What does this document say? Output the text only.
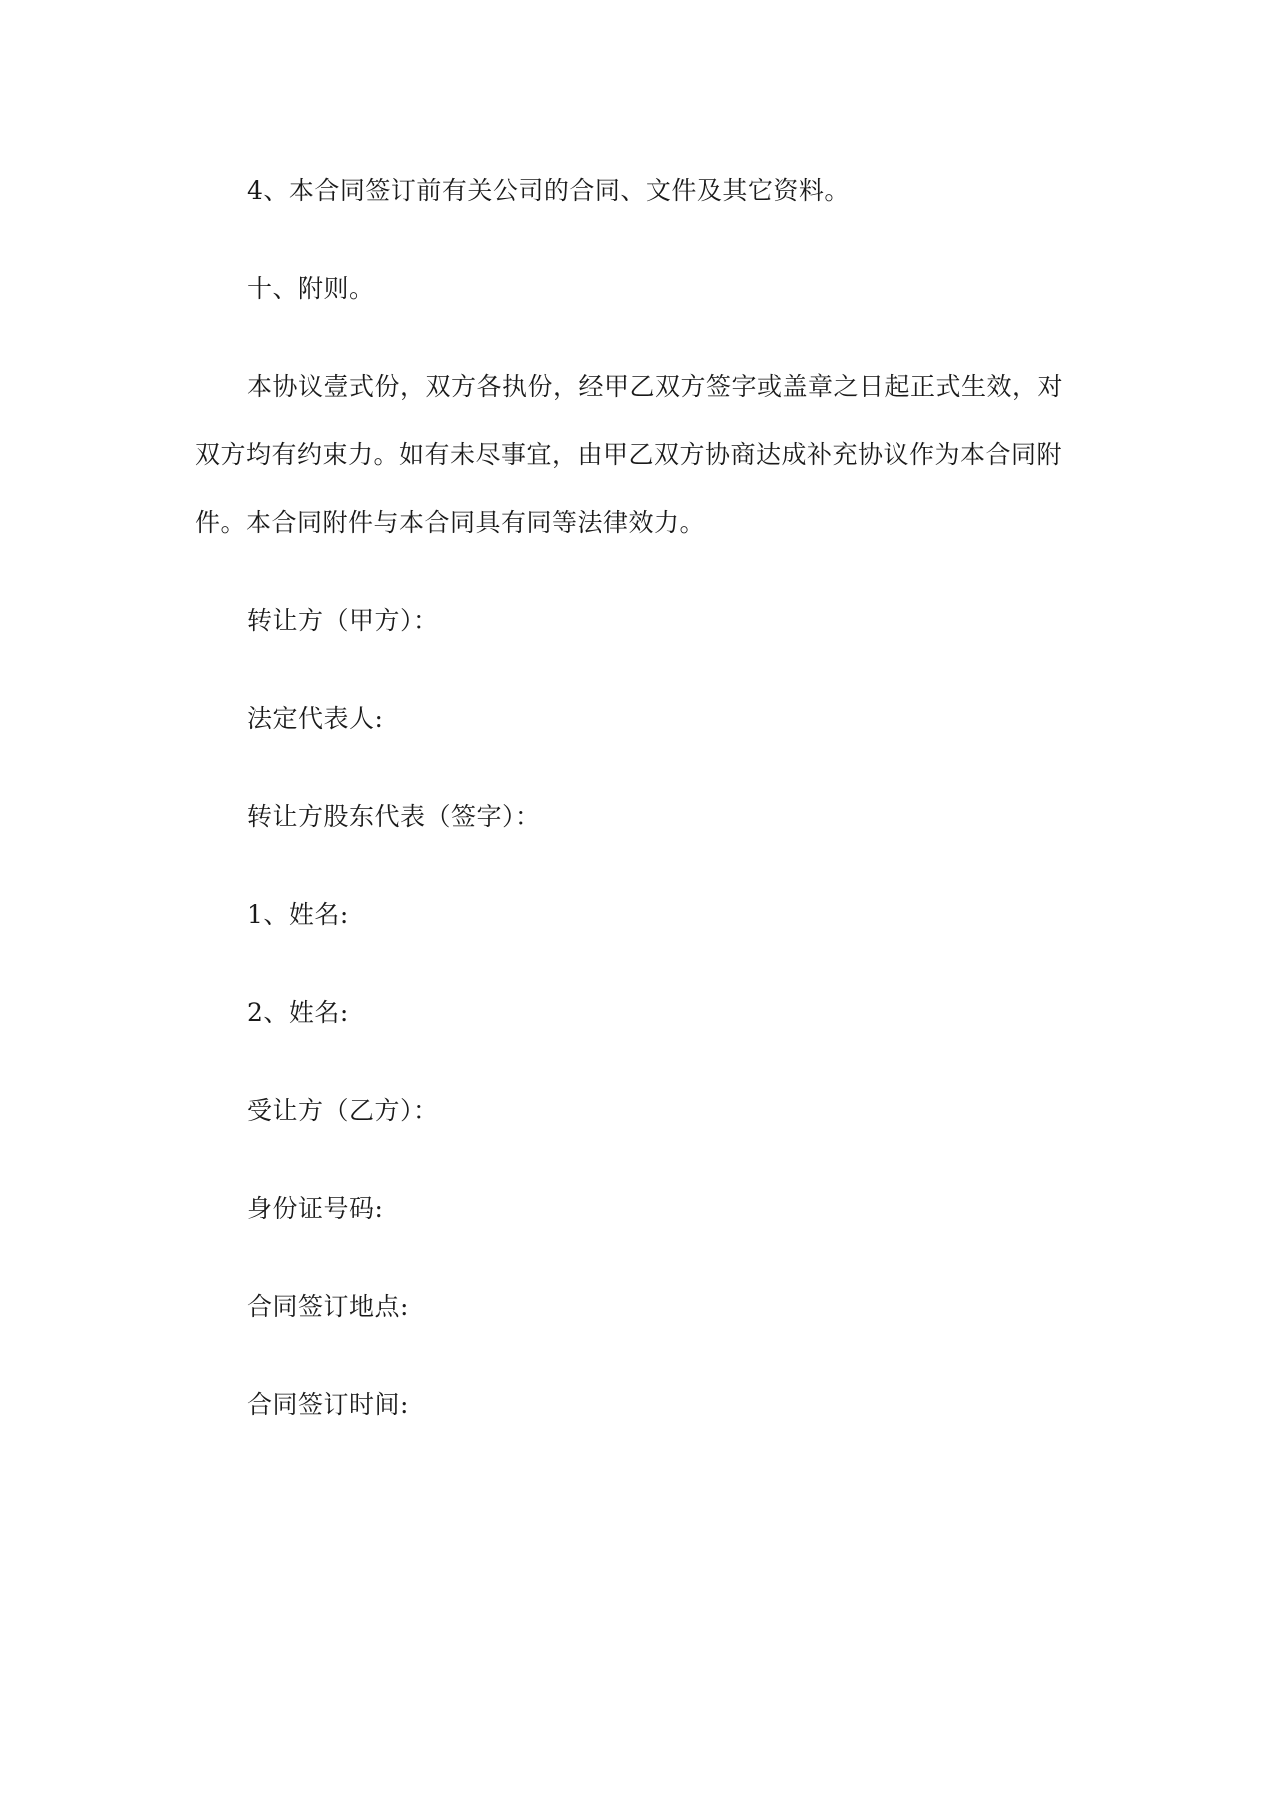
4、本合同签订前有关公司的合同、文件及其它资料。
十、附则。
本协议壹式份，双方各执份，经甲乙双方签字或盖章之日起正式生效，对
双方均有约束力。如有未尽事宜，由甲乙双方协商达成补充协议作为本合同附
件。本合同附件与本合同具有同等法律效力。
转让方（甲方）：
法定代表人:
转让方股东代表（签字）：
1、姓名:
2、姓名:
受让方（乙方）：
身份证号码:
合同签订地点:
合同签订时间:
